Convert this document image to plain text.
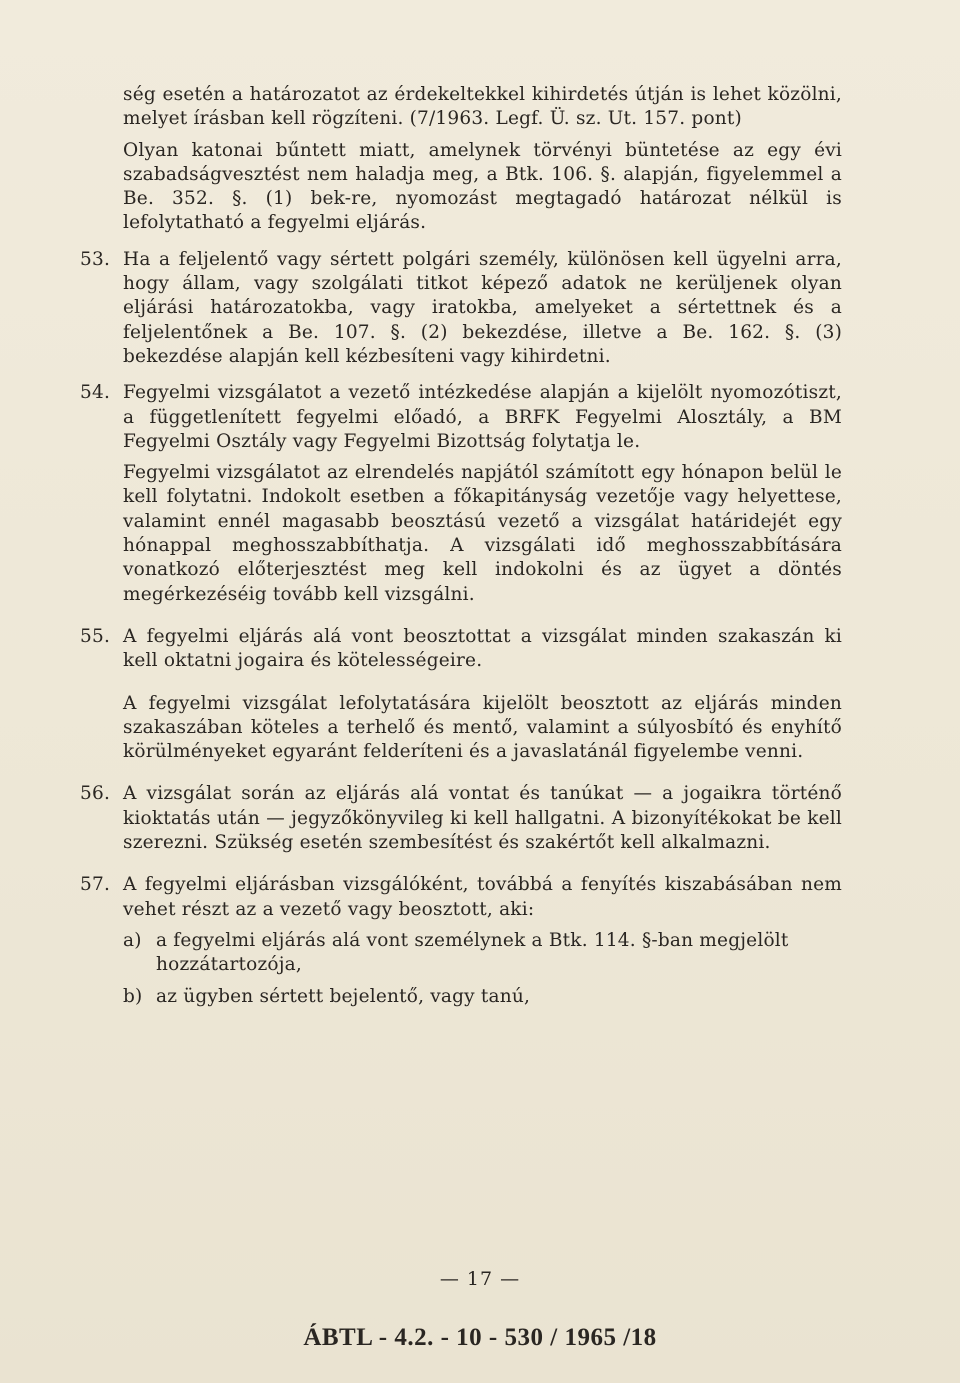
ség esetén a határozatot az érdekeltekkel kihirdetés útján is lehet közölni, melyet írásban kell rögzíteni. (7/1963. Legf. Ü. sz. Ut. 157. pont)

Olyan katonai bűntett miatt, amelynek törvényi büntetése az egy évi szabadságvesztést nem haladja meg, a Btk. 106. §. alapján, figyelemmel a Be. 352. §. (1) bek-re, nyomozást megtagadó határozat nélkül is lefolytatható a fegyelmi eljárás.

53. Ha a feljelentő vagy sértett polgári személy, különösen kell ügyelni arra, hogy állam, vagy szolgálati titkot képező adatok ne kerüljenek olyan eljárási határozatokba, vagy iratokba, amelyeket a sértettnek és a feljelentőnek a Be. 107. §. (2) bekezdése, illetve a Be. 162. §. (3) bekezdése alapján kell kézbesíteni vagy kihirdetni.

54. Fegyelmi vizsgálatot a vezető intézkedése alapján a kijelölt nyomozótiszt, a függetlenített fegyelmi előadó, a BRFK Fegyelmi Alosztály, a BM Fegyelmi Osztály vagy Fegyelmi Bizottság folytatja le.

Fegyelmi vizsgálatot az elrendelés napjától számított egy hónapon belül le kell folytatni. Indokolt esetben a főkapitányság vezetője vagy helyettese, valamint ennél magasabb beosztású vezető a vizsgálat határidejét egy hónappal meghosszabbíthatja. A vizsgálati idő meghosszabbítására vonatkozó előterjesztést meg kell indokolni és az ügyet a döntés megérkezéséig tovább kell vizsgálni.

55. A fegyelmi eljárás alá vont beosztottat a vizsgálat minden szakaszán ki kell oktatni jogaira és kötelességeire.

A fegyelmi vizsgálat lefolytatására kijelölt beosztott az eljárás minden szakaszában köteles a terhelő és mentő, valamint a súlyosbító és enyhítő körülményeket egyaránt felderíteni és a javaslatánál figyelembe venni.

56. A vizsgálat során az eljárás alá vontat és tanúkat — a jogaikra történő kioktatás után — jegyzőkönyvileg ki kell hallgatni. A bizonyítékokat be kell szerezni. Szükség esetén szembesítést és szakértőt kell alkalmazni.

57. A fegyelmi eljárásban vizsgálóként, továbbá a fenyítés kiszabásában nem vehet részt az a vezető vagy beosztott, aki:

a) a fegyelmi eljárás alá vont személynek a Btk. 114. §-ban megjelölt hozzátartozója,
b) az ügyben sértett bejelentő, vagy tanú,
— 17 —
ÁBTL - 4.2. - 10 - 530 / 1965 /18
